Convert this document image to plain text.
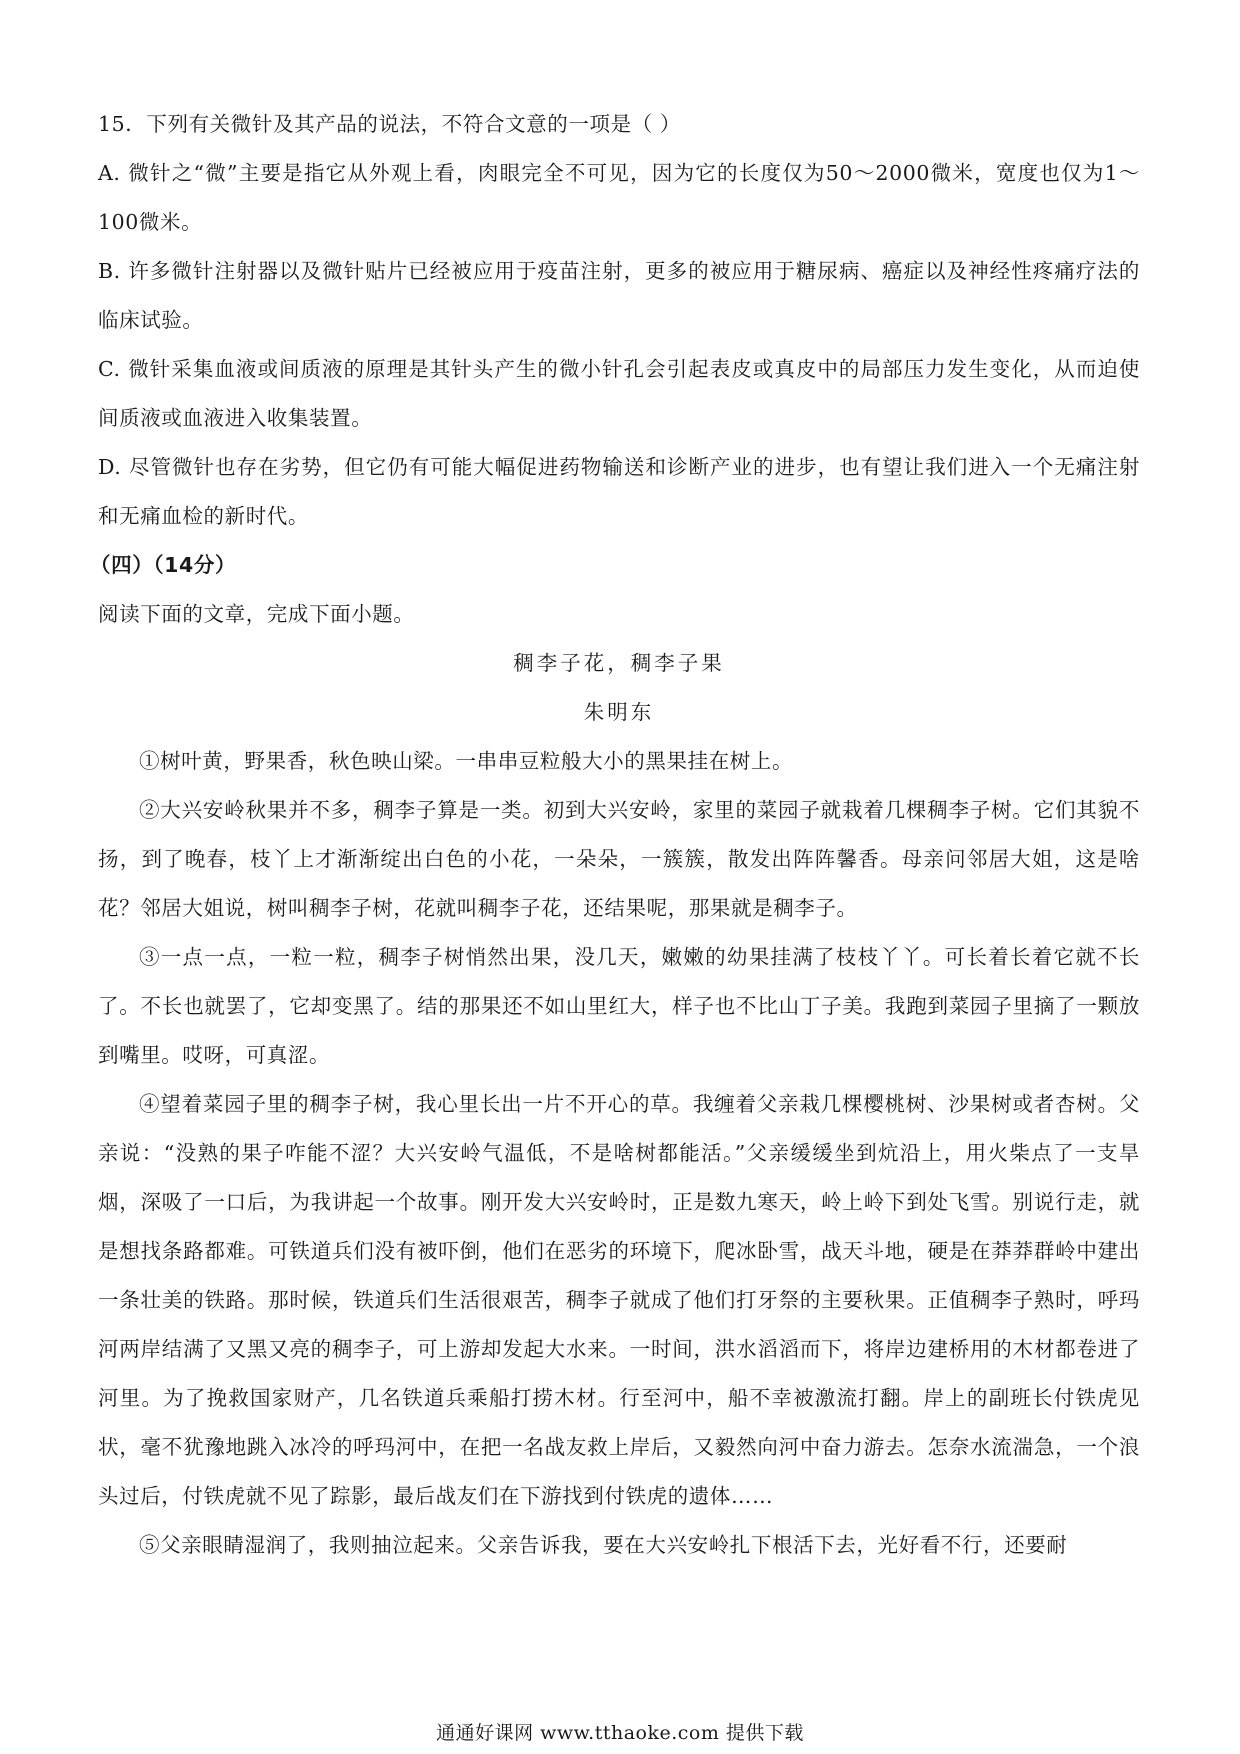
15．下列有关微针及其产品的说法，不符合文意的一项是（ ）

A. 微针之“微”主要是指它从外观上看，肉眼完全不可见，因为它的长度仅为50～2000微米，宽度也仅为1～100微米。

B. 许多微针注射器以及微针贴片已经被应用于疫苗注射，更多的被应用于糖尿病、癌症以及神经性疼痛疗法的临床试验。

C. 微针采集血液或间质液的原理是其针头产生的微小针孔会引起表皮或真皮中的局部压力发生变化，从而迫使间质液或血液进入收集装置。

D. 尽管微针也存在劣势，但它仍有可能大幅促进药物输送和诊断产业的进步，也有望让我们进入一个无痛注射和无痛血检的新时代。

（四）（14分）

阅读下面的文章，完成下面小题。

稠李子花，稠李子果

朱明东

①树叶黄，野果香，秋色映山梁。一串串豆粒般大小的黑果挂在树上。

②大兴安岭秋果并不多，稠李子算是一类。初到大兴安岭，家里的菜园子就栽着几棵稠李子树。它们其貌不扬，到了晚春，枝丫上才渐渐绽出白色的小花，一朵朵，一簇簇，散发出阵阵馨香。母亲问邻居大姐，这是啥花？邻居大姐说，树叫稠李子树，花就叫稠李子花，还结果呢，那果就是稠李子。

③一点一点，一粒一粒，稠李子树悄然出果，没几天，嫩嫩的幼果挂满了枝枝丫丫。可长着长着它就不长了。不长也就罢了，它却变黑了。结的那果还不如山里红大，样子也不比山丁子美。我跑到菜园子里摘了一颗放到嘴里。哎呀，可真涩。

④望着菜园子里的稠李子树，我心里长出一片不开心的草。我缠着父亲栽几棵樱桃树、沙果树或者杏树。父亲说：“没熟的果子咋能不涩？大兴安岭气温低，不是啥树都能活。”父亲缓缓坐到炕沿上，用火柴点了一支旱烟，深吸了一口后，为我讲起一个故事。刚开发大兴安岭时，正是数九寒天，岭上岭下到处飞雪。别说行走，就是想找条路都难。可铁道兵们没有被吓倒，他们在恶劣的环境下，爬冰卧雪，战天斗地，硬是在莽莽群岭中建出一条壮美的铁路。那时候，铁道兵们生活很艰苦，稠李子就成了他们打牙祭的主要秋果。正值稠李子熟时，呼玛河两岸结满了又黑又亮的稠李子，可上游却发起大水来。一时间，洪水滔滔而下，将岸边建桥用的木材都卷进了河里。为了挽救国家财产，几名铁道兵乘船打捞木材。行至河中，船不幸被激流打翻。岸上的副班长付铁虎见状，毫不犹豫地跳入冰冷的呼玛河中，在把一名战友救上岸后，又毅然向河中奋力游去。怎奈水流湍急，一个浪头过后，付铁虎就不见了踪影，最后战友们在下游找到付铁虎的遗体……

⑤父亲眼睛湿润了，我则抽泣起来。父亲告诉我，要在大兴安岭扎下根活下去，光好看不行，还要耐

通通好课网 www.tthaoke.com 提供下载
